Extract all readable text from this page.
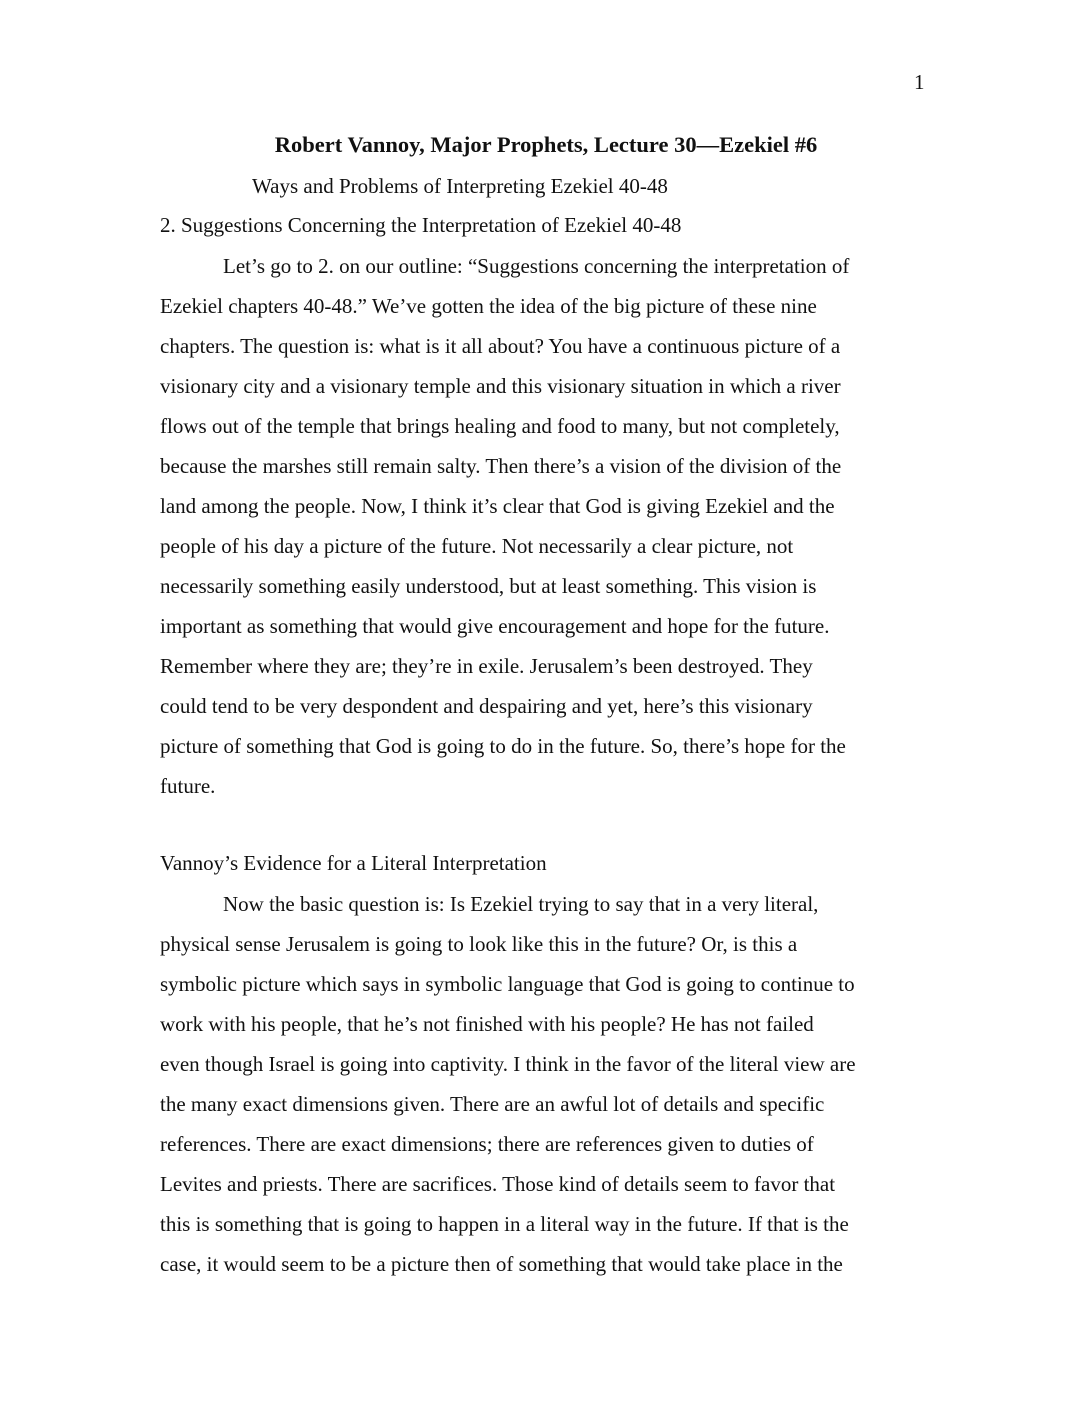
1
Robert Vannoy, Major Prophets, Lecture 30—Ezekiel #6
Ways and Problems of Interpreting Ezekiel 40-48
2. Suggestions Concerning the Interpretation of Ezekiel 40-48
Let’s go to 2. on our outline: “Suggestions concerning the interpretation of
Ezekiel chapters 40-48.” We’ve gotten the idea of the big picture of these nine
chapters. The question is: what is it all about? You have a continuous picture of a
visionary city and a visionary temple and this visionary situation in which a river
flows out of the temple that brings healing and food to many, but not completely,
because the marshes still remain salty. Then there’s a vision of the division of the
land among the people. Now, I think it’s clear that God is giving Ezekiel and the
people of his day a picture of the future. Not necessarily a clear picture, not
necessarily something easily understood, but at least something. This vision is
important as something that would give encouragement and hope for the future.
Remember where they are; they’re in exile. Jerusalem’s been destroyed. They
could tend to be very despondent and despairing and yet, here’s this visionary
picture of something that God is going to do in the future. So, there’s hope for the
future.
Vannoy’s Evidence for a Literal Interpretation
Now the basic question is: Is Ezekiel trying to say that in a very literal,
physical sense Jerusalem is going to look like this in the future? Or, is this a
symbolic picture which says in symbolic language that God is going to continue to
work with his people, that he’s not finished with his people? He has not failed
even though Israel is going into captivity. I think in the favor of the literal view are
the many exact dimensions given. There are an awful lot of details and specific
references. There are exact dimensions; there are references given to duties of
Levites and priests. There are sacrifices. Those kind of details seem to favor that
this is something that is going to happen in a literal way in the future. If that is the
case, it would seem to be a picture then of something that would take place in the
